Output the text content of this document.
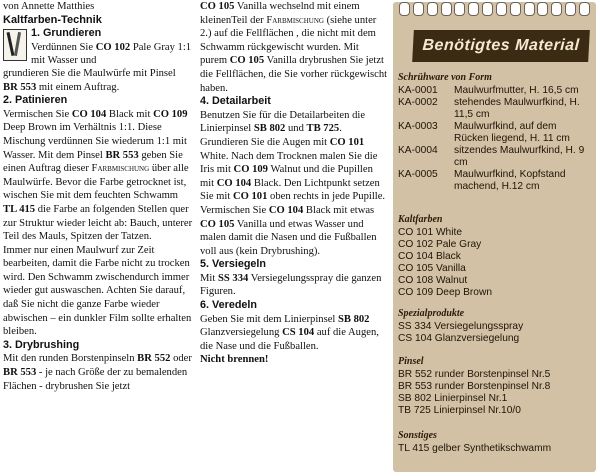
von Annette Matthies

Kaltfarben-Technik

1. Grundieren

Verdünnen Sie CO 102 Pale Gray 1:1 mit Wasser und

grundieren Sie die Maulwürfe mit Pinsel BR 553 mit einem Auftrag.

2. Patinieren

Vermischen Sie CO 104 Black mit CO 109 Deep Brown im Verhältnis 1:1. Diese Mischung verdünnen Sie wiederum 1:1 mit Wasser. Mit dem Pinsel BR 553 geben Sie einen Auftrag dieser Farbmischung über alle Maulwürfe. Bevor die Farbe getrocknet ist, wischen Sie mit dem feuchten Schwamm TL 415 die Farbe an folgenden Stellen quer zur Struktur wieder leicht ab: Bauch, unterer Teil des Mauls, Spitzen der Tatzen.

Immer nur einen Maulwurf zur Zeit bearbeiten, damit die Farbe nicht zu trocken wird. Den Schwamm zwischendurch immer wieder gut auswaschen. Achten Sie darauf, daß Sie nicht die ganze Farbe wieder abwischen – ein dunkler Film sollte erhalten bleiben.

3. Drybrushing

Mit den runden Borstenpinseln BR 552 oder BR 553 - je nach Größe der zu bemalenden Flächen - drybrushen Sie jetzt

CO 105 Vanilla wechselnd mit einem kleinenTeil der Farbmischung (siehe unter 2.) auf die Fellflächen , die nicht mit dem Schwamm rückgewischt wurden. Mit purem CO 105 Vanilla drybrushen Sie jetzt die Fellflächen, die Sie vorher rückgewischt haben.

4. Detailarbeit

Benutzen Sie für die Detailarbeiten die Linierpinsel SB 802 und TB 725. Grundieren Sie die Augen mit CO 101 White. Nach dem Trocknen malen Sie die Iris mit CO 109 Walnut und die Pupillen mit CO 104 Black. Den Lichtpunkt setzen Sie mit CO 101 oben rechts in jede Pupille.

Vermischen Sie CO 104 Black mit etwas CO 105 Vanilla und etwas Wasser und malen damit die Nasen und die Fußballen voll aus (kein Drybrushing).

5. Versiegeln

Mit SS 334 Versiegelungsspray die ganzen Figuren.

6. Veredeln

Geben Sie mit dem Linierpinsel SB 802 Glanzversiegelung CS 104 auf die Augen, die Nase und die Fußballen.

Nicht brennen!

Benötigtes Material
Schrühware von Form
KA-0001	Maulwurfmutter, H. 16,5 cm
KA-0002	stehendes Maulwurfkind, H. 11,5 cm
KA-0003	Maulwurfkind, auf dem Rücken liegend, H. 11 cm
KA-0004	sitzendes Maulwurfkind, H. 9 cm
KA-0005	Maulwurfkind, Kopfstand machend, H.12 cm
Kaltfarben
CO 101 White
CO 102 Pale Gray
CO 104 Black
CO 105 Vanilla
CO 108 Walnut
CO 109 Deep Brown
Spezialprodukte
SS 334 Versiegelungsspray
CS 104 Glanzversiegelung
Pinsel
BR 552 runder Borstenpinsel Nr.5
BR 553 runder Borstenpinsel Nr.8
SB 802 Linierpinsel Nr.1
TB 725 Linierpinsel Nr.10/0
Sonstiges
TL 415 gelber Synthetikschwamm
